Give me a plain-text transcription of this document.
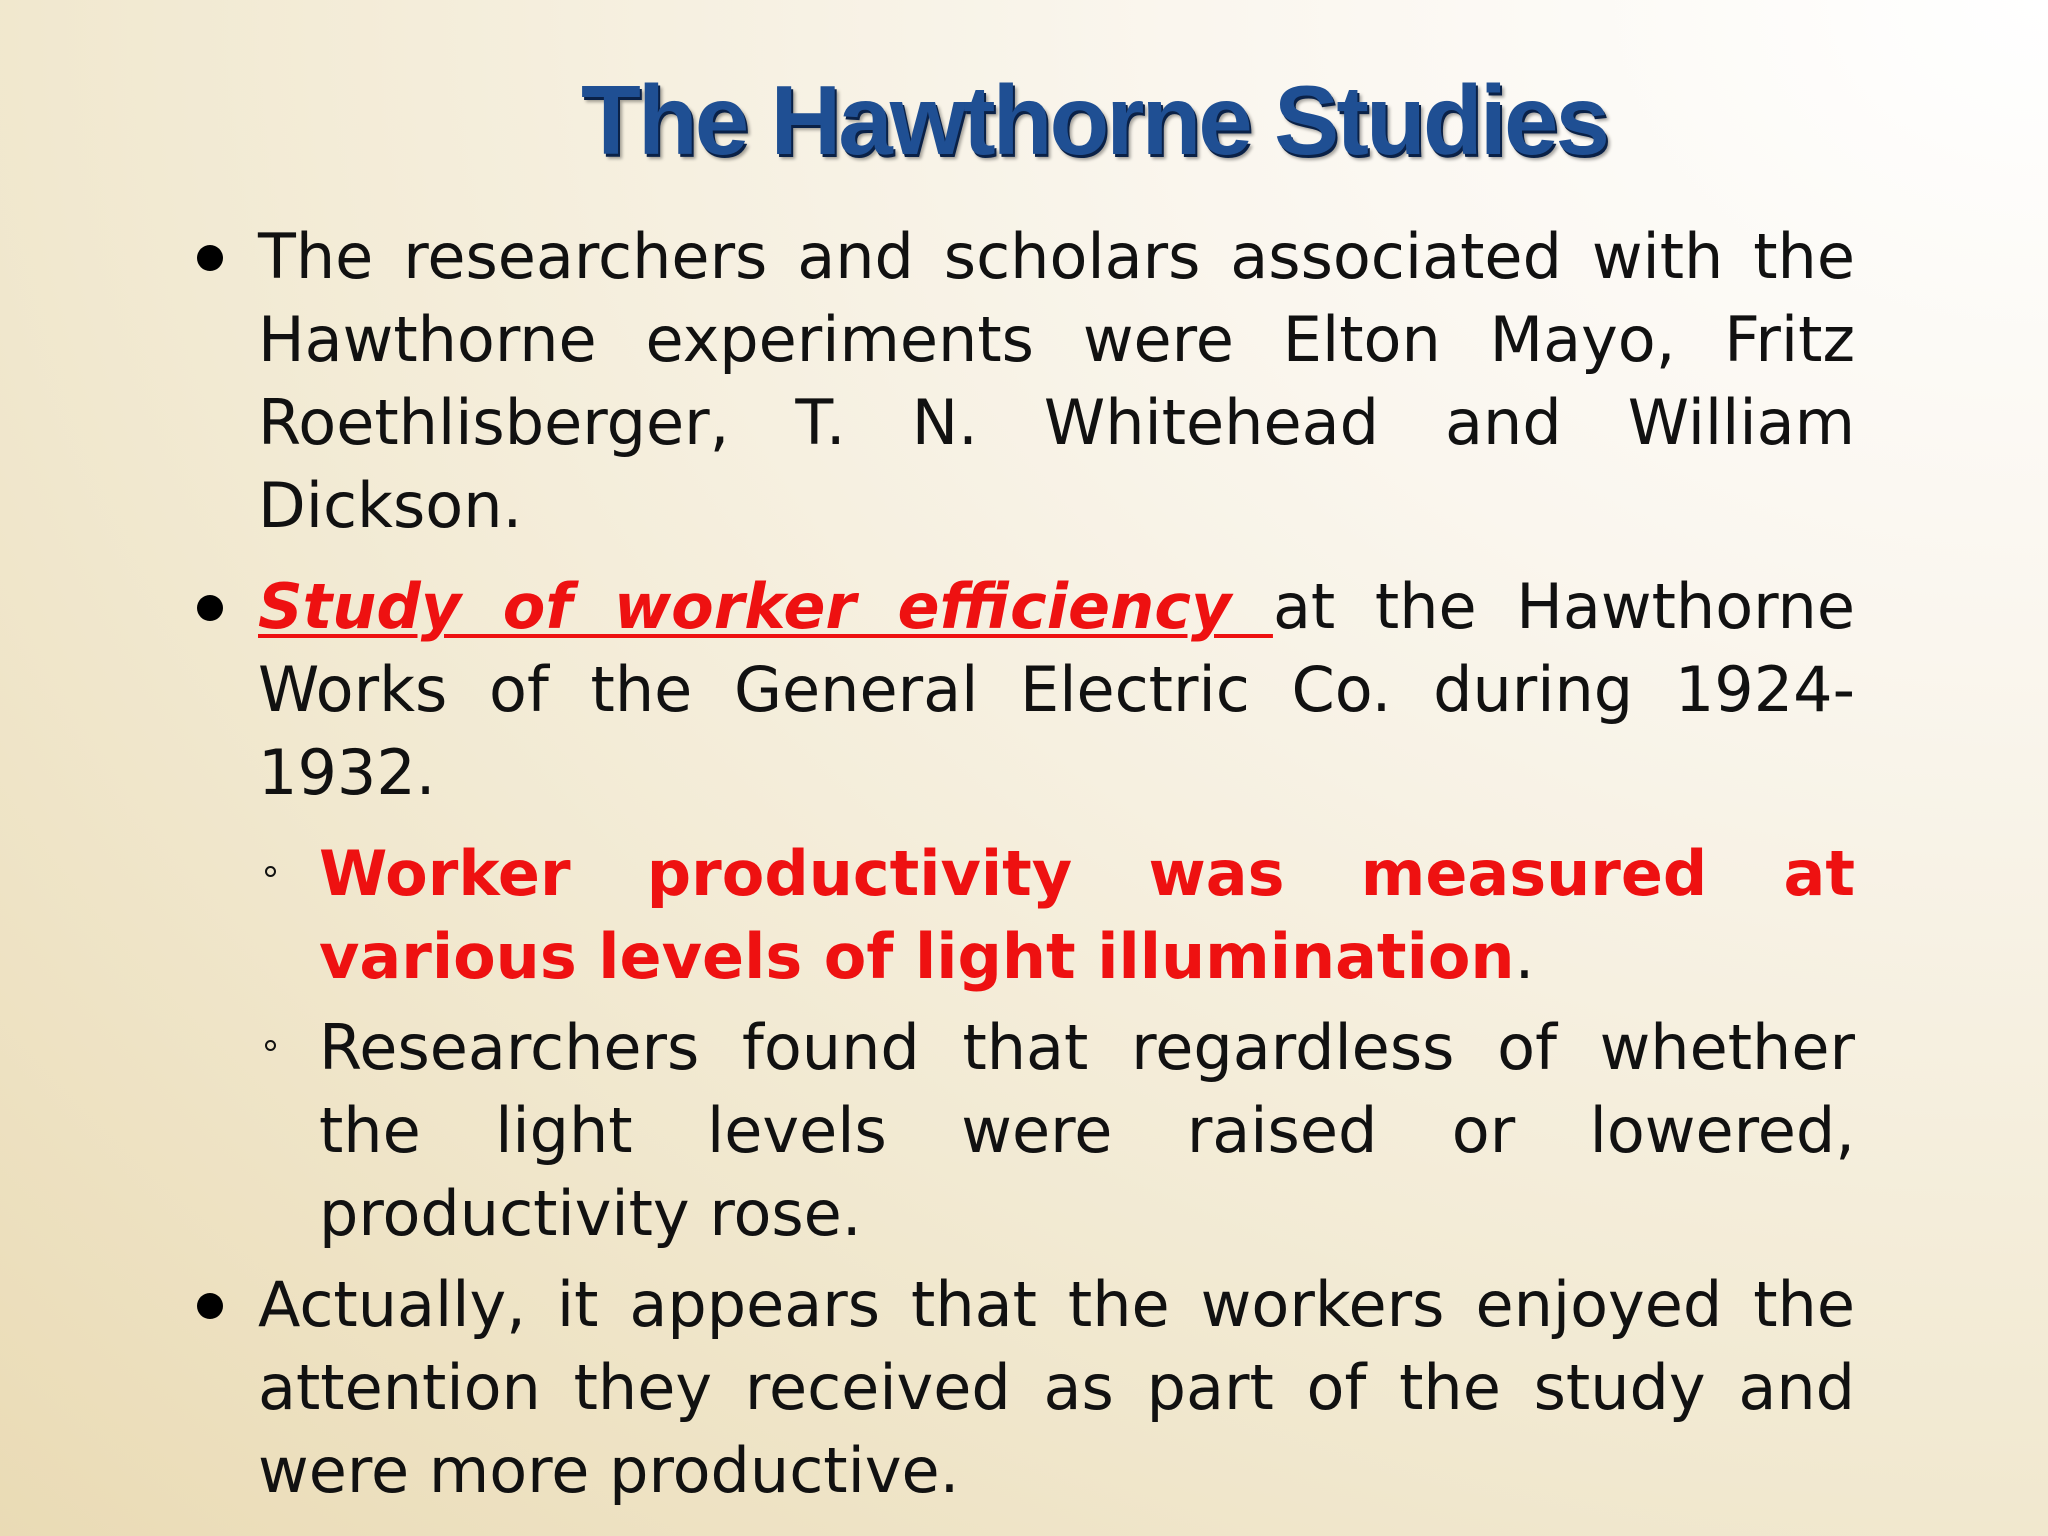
The Hawthorne Studies
The researchers and scholars associated with the Hawthorne experiments were Elton Mayo, Fritz Roethlisberger, T. N. Whitehead and William Dickson.
Study of worker efficiency at the Hawthorne Works of the General Electric Co. during 1924-1932.
Worker productivity was measured at various levels of light illumination.
Researchers found that regardless of whether the light levels were raised or lowered, productivity rose.
Actually, it appears that the workers enjoyed the attention they received as part of the study and were more productive.
